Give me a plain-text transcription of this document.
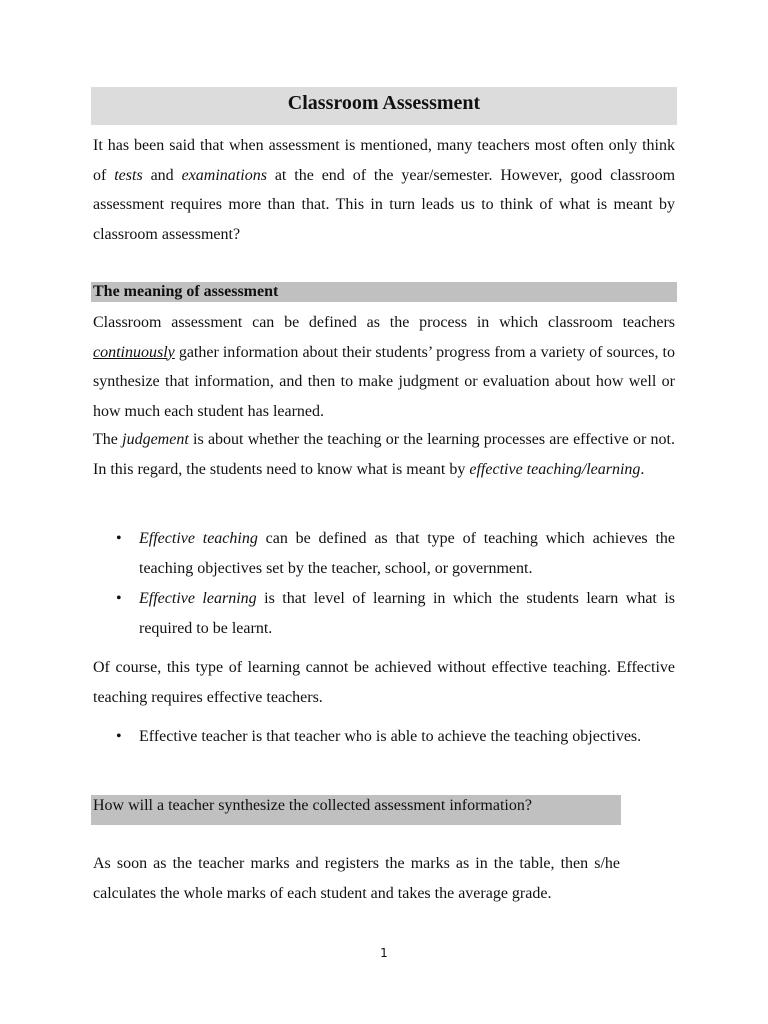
Classroom Assessment

It has been said that when assessment is mentioned, many teachers most often only think of tests and examinations at the end of the year/semester. However, good classroom assessment requires more than that. This in turn leads us to think of what is meant by classroom assessment?

The meaning of assessment

Classroom assessment can be defined as the process in which classroom teachers continuously gather information about their students’ progress from a variety of sources, to synthesize that information, and then to make judgment or evaluation about how well or how much each student has learned.

The judgement is about whether the teaching or the learning processes are effective or not. In this regard, the students need to know what is meant by effective teaching/learning.

•	Effective teaching can be defined as that type of teaching which achieves the teaching objectives set by the teacher, school, or government.
•	Effective learning is that level of learning in which the students learn what is required to be learnt.

Of course, this type of learning cannot be achieved without effective teaching. Effective teaching requires effective teachers.

•	Effective teacher is that teacher who is able to achieve the teaching objectives.
How will a teacher synthesize the collected assessment information?

As soon as the teacher marks and registers the marks as in the table, then s/he calculates the whole marks of each student and takes the average grade.

1
